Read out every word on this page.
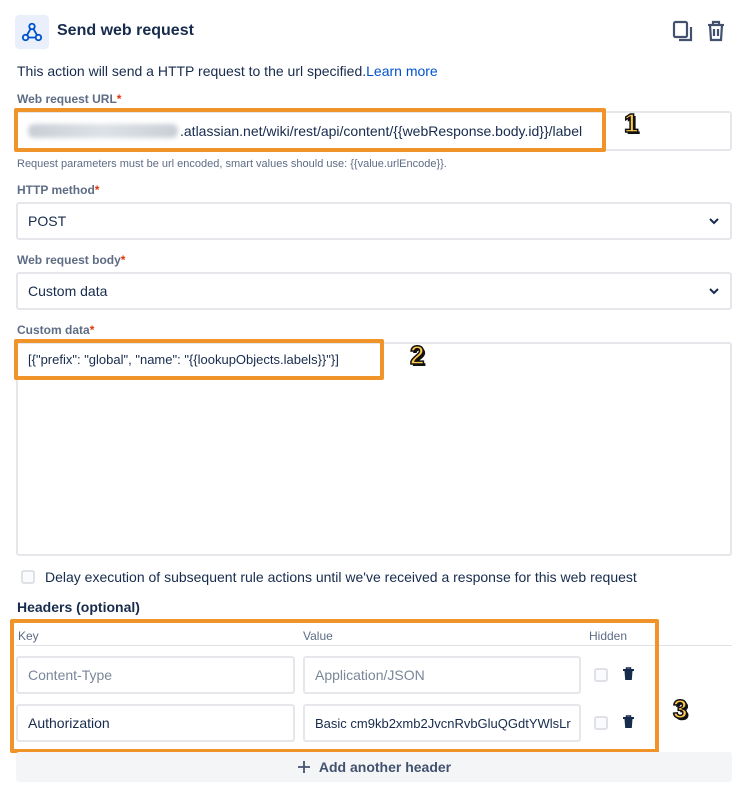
Send web request
This action will send a HTTP request to the url specified.Learn more
Web request URL*
.atlassian.net/wiki/rest/api/content/{{webResponse.body.id}}/label 1
Request parameters must be url encoded, smart values should use: {{value.urlEncode}}.
HTTP method*
POST
Web request body*
Custom data
Custom data*
[{"prefix": "global", "name": "{{lookupObjects.labels}}"}]	2
Delay execution of subsequent rule actions until we've received a response for this web request
Headers (optional)
Key	Value	Hidden
Content-Type	Application/JSON
Authorization	Basic cm9kb2xmb2JvcnRvbGluQGdtYWlsLr	3
Add another header
